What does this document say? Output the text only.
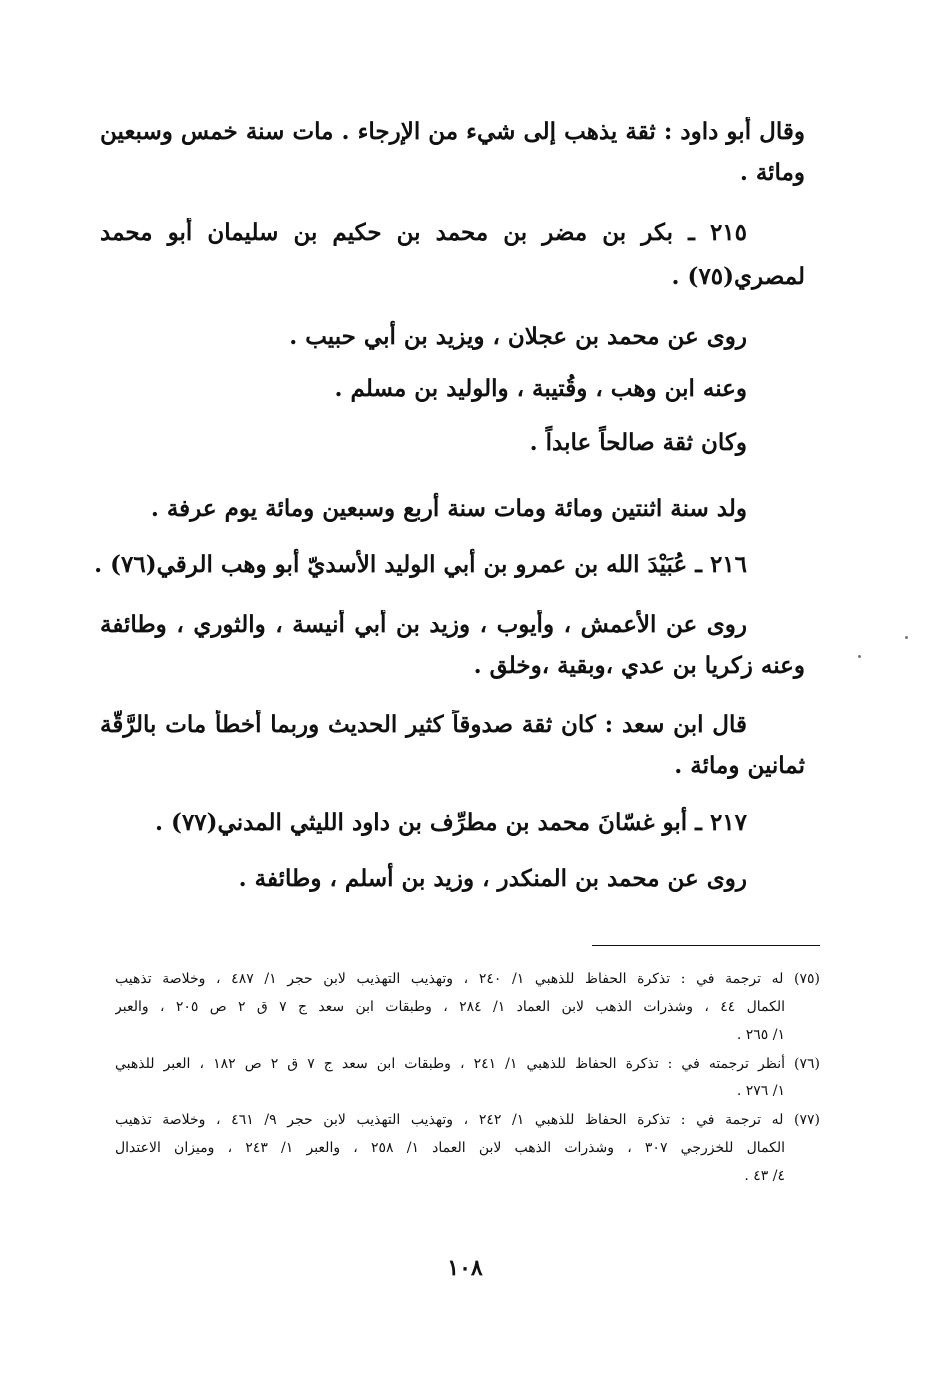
وقال أبو داود : ثقة يذهب إلى شيء من الإرجاء . مات سنة خمس وسبعين
ومائة .
٢١٥ ـ بكر بن مضر بن محمد بن حكيم بن سليمان أبو محمد
لمصري(٧٥) .
روى عن محمد بن عجلان ، ويزيد بن أبي حبيب .
وعنه ابن وهب ، وقُتيبة ، والوليد بن مسلم .
وكان ثقة صالحاً عابداً .
ولد سنة اثنتين ومائة ومات سنة أربع وسبعين ومائة يوم عرفة .
٢١٦ ـ عُبَيْدَ الله بن عمرو بن أبي الوليد الأسديّ أبو وهب الرقي(٧٦) .
روى عن الأعمش ، وأيوب ، وزيد بن أبي أنيسة ، والثوري ، وطائفة
وعنه زكريا بن عدي ،وبقية ،وخلق .
قال ابن سعد : كان ثقة صدوقاً كثير الحديث وربما أخطأ مات بالرَّقّة
ثمانين ومائة .
٢١٧ ـ أبو غسّانَ محمد بن مطرِّف بن داود الليثي المدني(٧٧) .
روى عن محمد بن المنكدر ، وزيد بن أسلم ، وطائفة .
(٧٥) له ترجمة في : تذكرة الحفاظ للذهبي ١/ ٢٤٠ ، وتهذيب التهذيب لابن حجر ١/ ٤٨٧ ، وخلاصة تذهيب
الكمال ٤٤ ، وشذرات الذهب لابن العماد ١/ ٢٨٤ ، وطبقات ابن سعد ج ٧ ق ٢ ص ٢٠٥ ، والعبر
١/ ٢٦٥ .
(٧٦) أنظر ترجمته في : تذكرة الحفاظ للذهبي ١/ ٢٤١ ، وطبقات ابن سعد ج ٧ ق ٢ ص ١٨٢ ، العبر للذهبي
١/ ٢٧٦ .
(٧٧) له ترجمة في : تذكرة الحفاظ للذهبي ١/ ٢٤٢ ، وتهذيب التهذيب لابن حجر ٩/ ٤٦١ ، وخلاصة تذهيب
الكمال للخزرجي ٣٠٧ ، وشذرات الذهب لابن العماد ١/ ٢٥٨ ، والعبر ١/ ٢٤٣ ، وميزان الاعتدال
٤/ ٤٣ .
١٠٨
